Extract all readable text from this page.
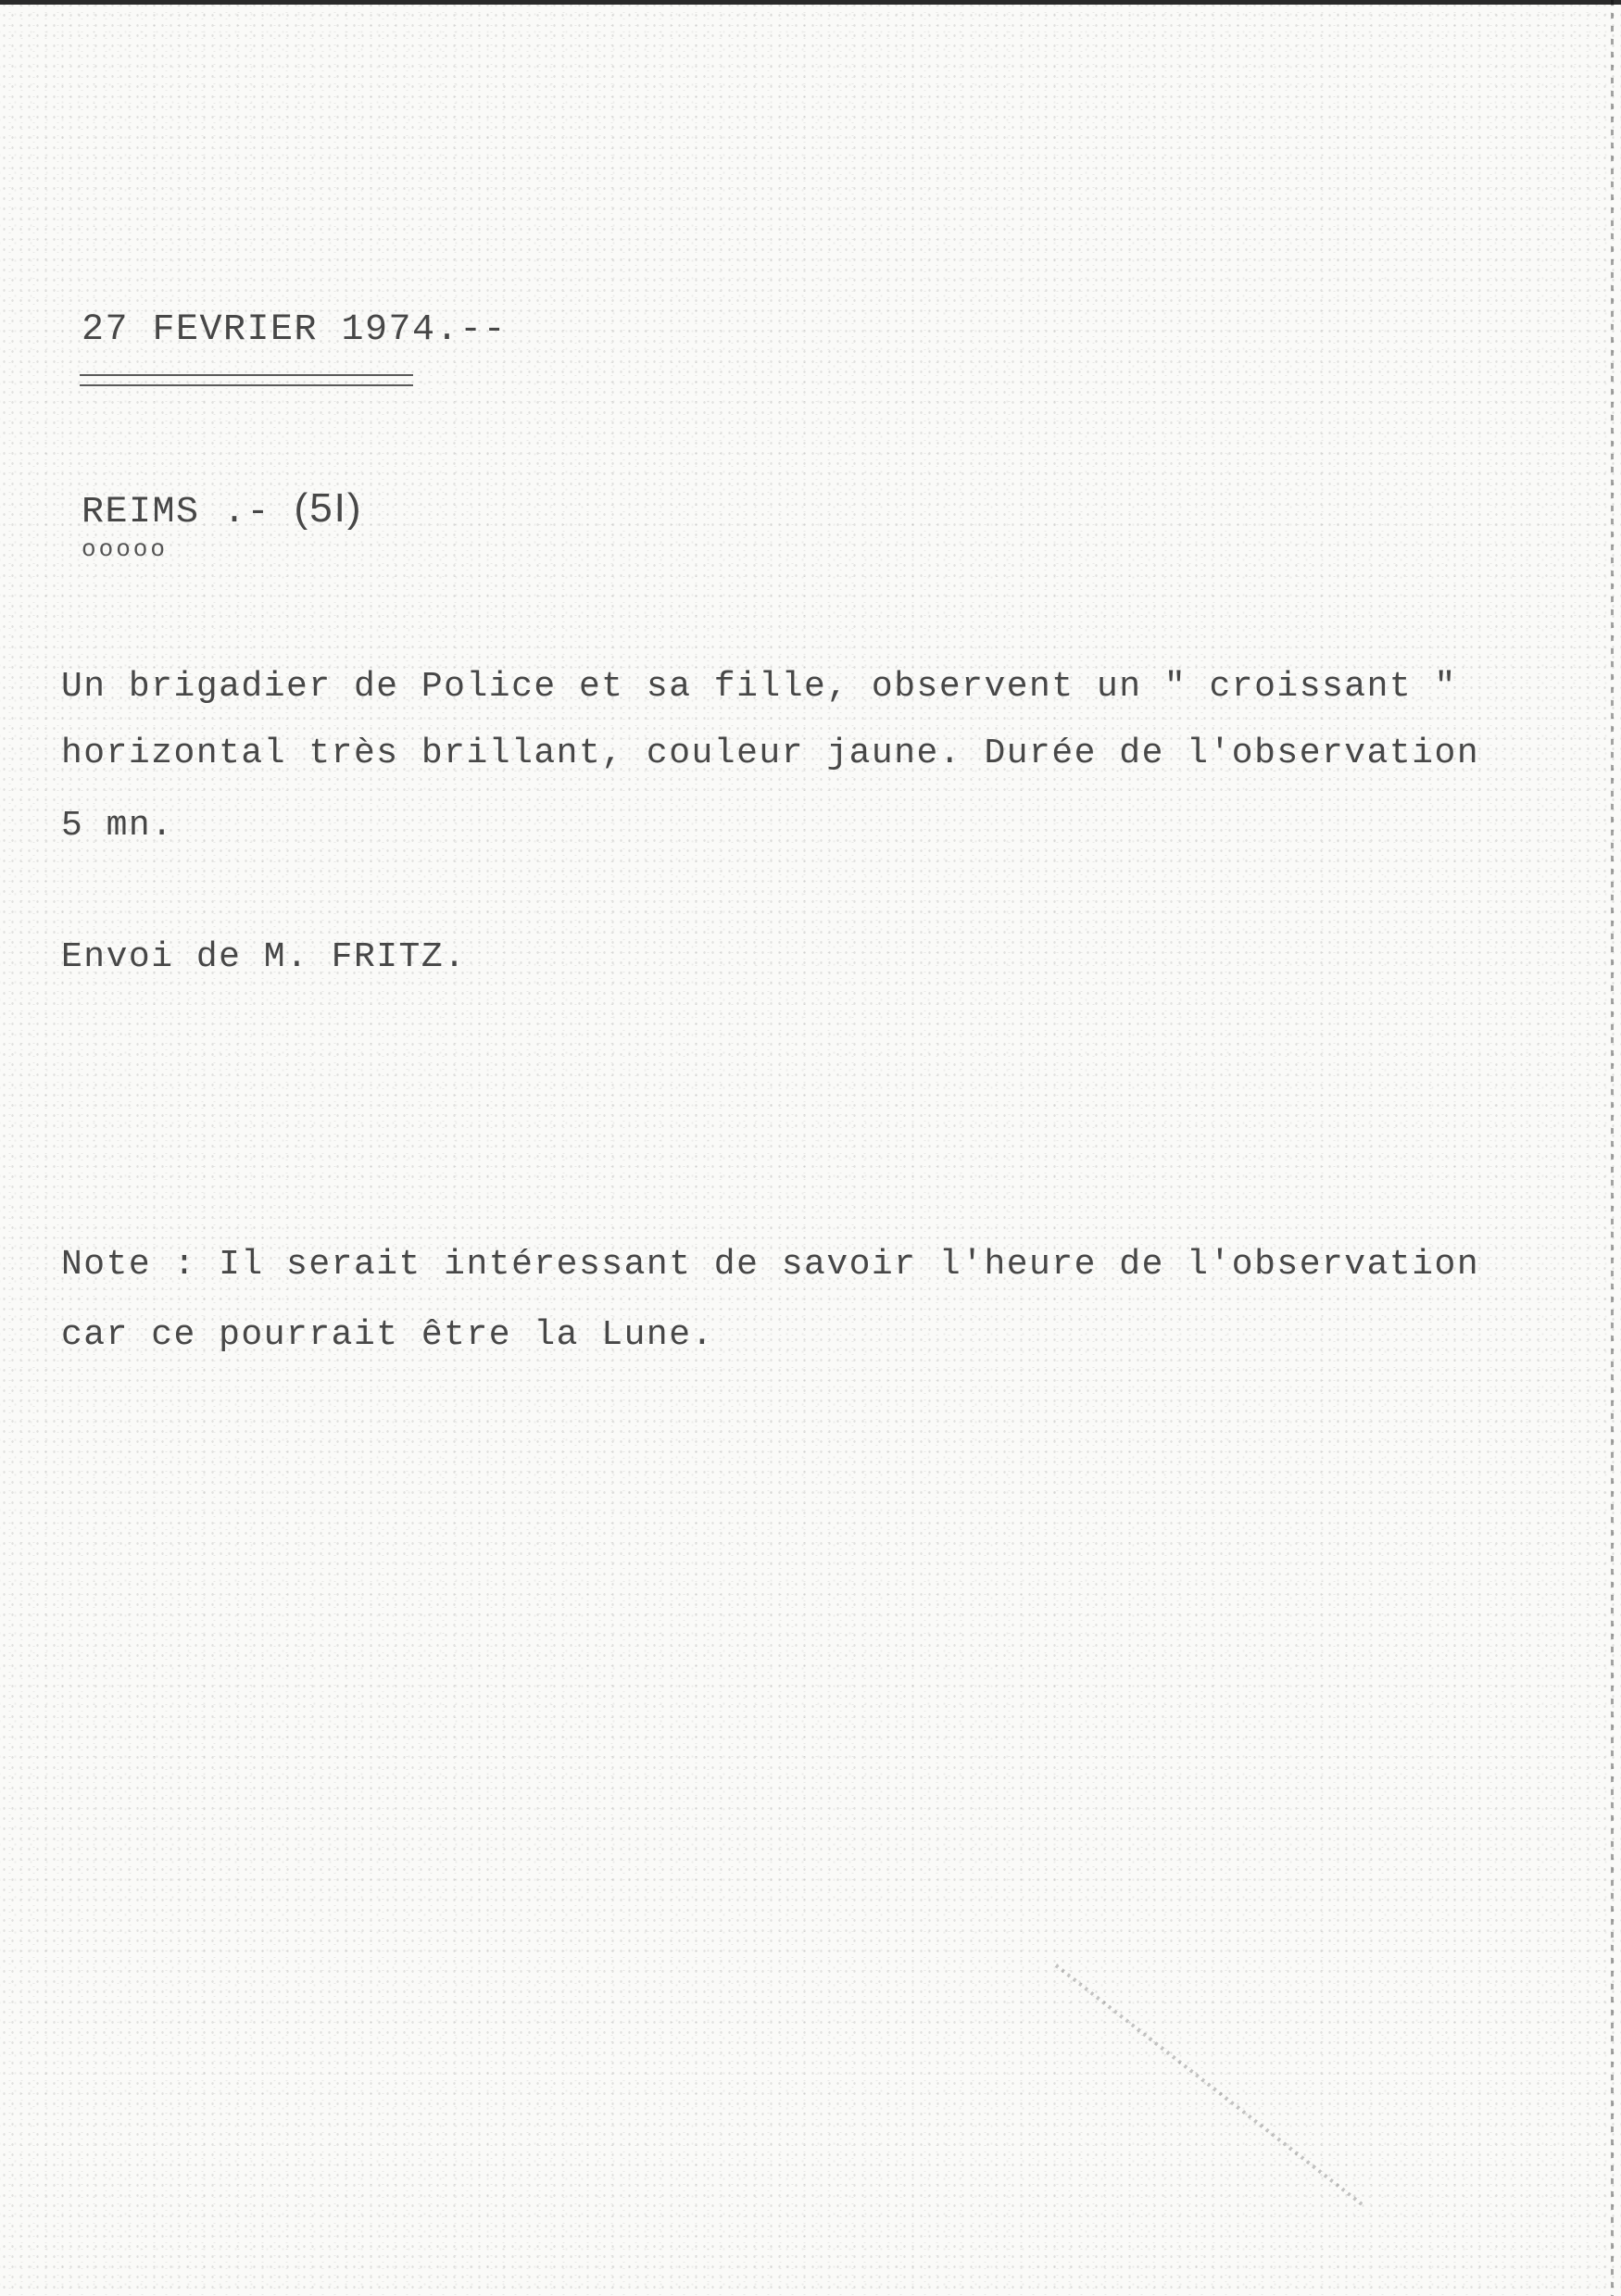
27 FEVRIER 1974.--
REIMS .- (5I)
ooooo
Un brigadier de Police et sa fille, observent un " croissant "
horizontal très brillant, couleur jaune. Durée de l'observation
5 mn.
Envoi de M. FRITZ.
Note : Il serait intéressant de savoir l'heure de l'observation
car ce pourrait être la Lune.
